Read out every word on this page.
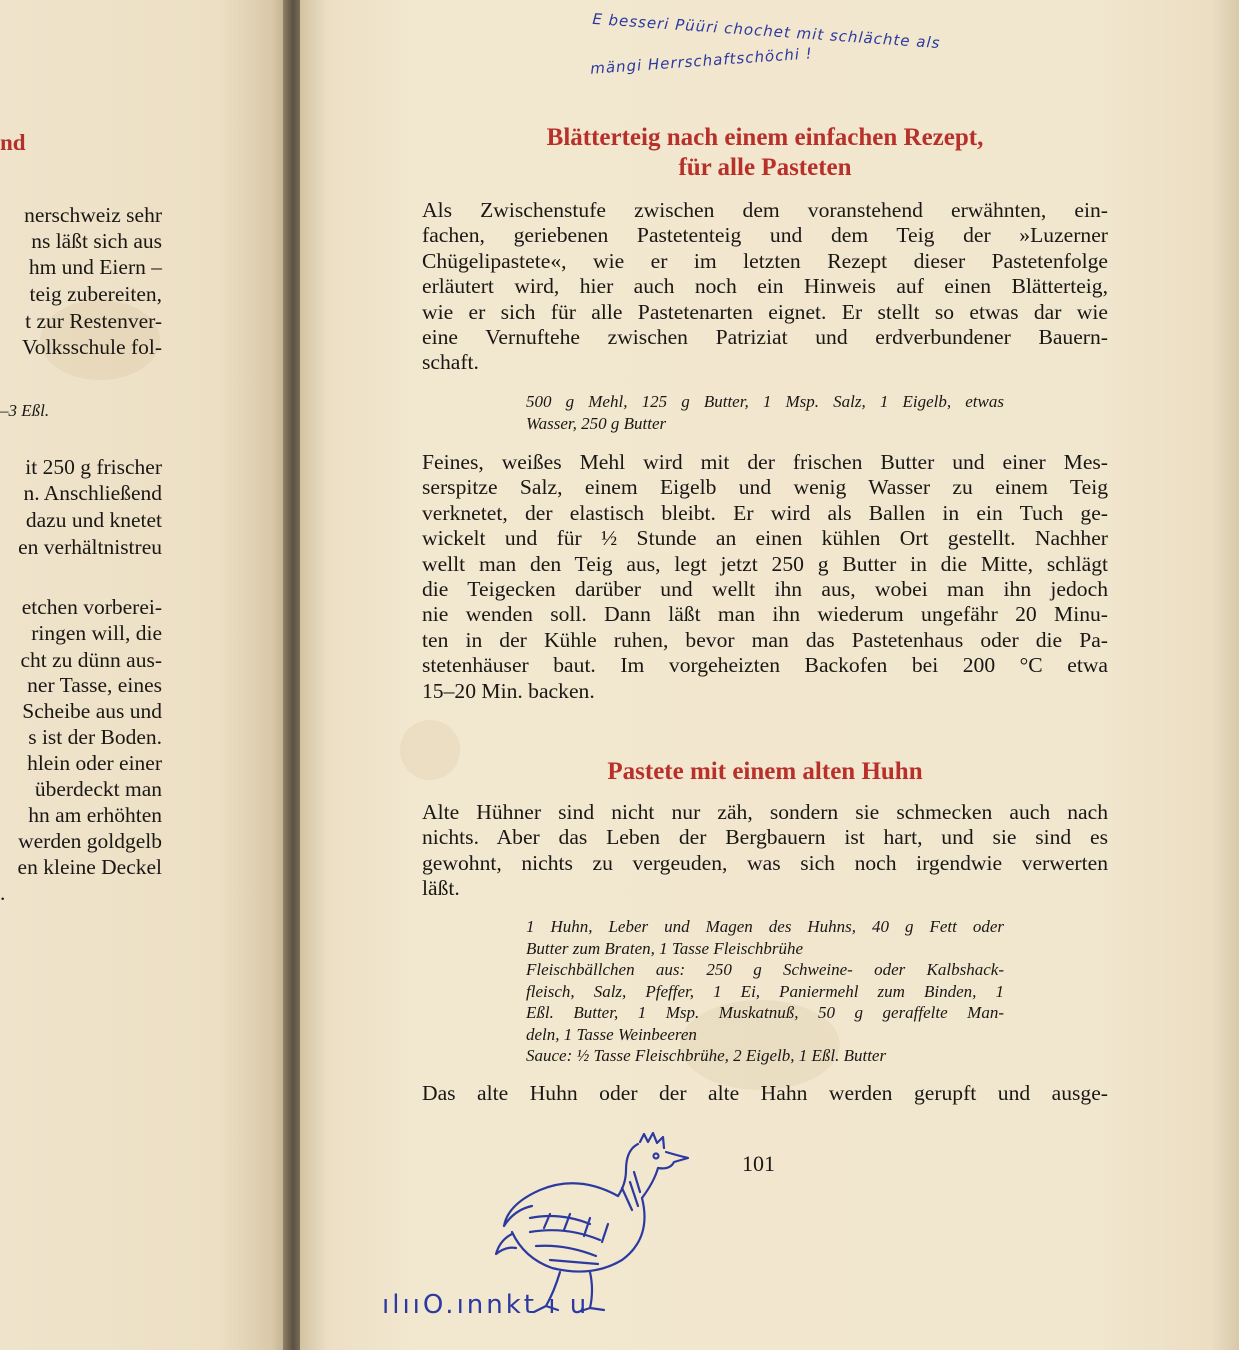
nd
nerschweiz sehr
ns läßt sich aus
hm und Eiern –
teig zubereiten,
t zur Restenver-
Volksschule fol-
–3 Eßl.
it 250 g frischer
n. Anschließend
dazu und knetet
en verhältnistreu
etchen vorberei-
ringen will, die
cht zu dünn aus-
ner Tasse, eines
Scheibe aus und
s ist der Boden.
hlein oder einer
überdeckt man
hn am erhöhten
werden goldgelb
en kleine Deckel
.
E besseri Püüri chochet mit schlächte als
mängi Herrschaftschöchi !
Blätterteig nach einem einfachen Rezept,
für alle Pasteten
Als Zwischenstufe zwischen dem voranstehend erwähnten, ein-
fachen, geriebenen Pastetenteig und dem Teig der »Luzerner
Chügelipastete«, wie er im letzten Rezept dieser Pastetenfolge
erläutert wird, hier auch noch ein Hinweis auf einen Blätterteig,
wie er sich für alle Pastetenarten eignet. Er stellt so etwas dar wie
eine Vernuftehe zwischen Patriziat und erdverbundener Bauern-
schaft.
500 g Mehl, 125 g Butter, 1 Msp. Salz, 1 Eigelb, etwas
Wasser, 250 g Butter
Feines, weißes Mehl wird mit der frischen Butter und einer Mes-
serspitze Salz, einem Eigelb und wenig Wasser zu einem Teig
verknetet, der elastisch bleibt. Er wird als Ballen in ein Tuch ge-
wickelt und für ½ Stunde an einen kühlen Ort gestellt. Nachher
wellt man den Teig aus, legt jetzt 250 g Butter in die Mitte, schlägt
die Teigecken darüber und wellt ihn aus, wobei man ihn jedoch
nie wenden soll. Dann läßt man ihn wiederum ungefähr 20 Minu-
ten in der Kühle ruhen, bevor man das Pastetenhaus oder die Pa-
stetenhäuser baut. Im vorgeheizten Backofen bei 200 °C etwa
15–20 Min. backen.
Pastete mit einem alten Huhn
Alte Hühner sind nicht nur zäh, sondern sie schmecken auch nach
nichts. Aber das Leben der Bergbauern ist hart, und sie sind es
gewohnt, nichts zu vergeuden, was sich noch irgendwie verwerten
läßt.
1 Huhn, Leber und Magen des Huhns, 40 g Fett oder
Butter zum Braten, 1 Tasse Fleischbrühe
Fleischbällchen aus: 250 g Schweine- oder Kalbshack-
fleisch, Salz, Pfeffer, 1 Ei, Paniermehl zum Binden, 1
Eßl. Butter, 1 Msp. Muskatnuß, 50 g geraffelte Man-
deln, 1 Tasse Weinbeeren
Sauce: ½ Tasse Fleischbrühe, 2 Eigelb, 1 Eßl. Butter
Das alte Huhn oder der alte Hahn werden gerupft und ausge-
101
ılııO.ınnkt ı u
